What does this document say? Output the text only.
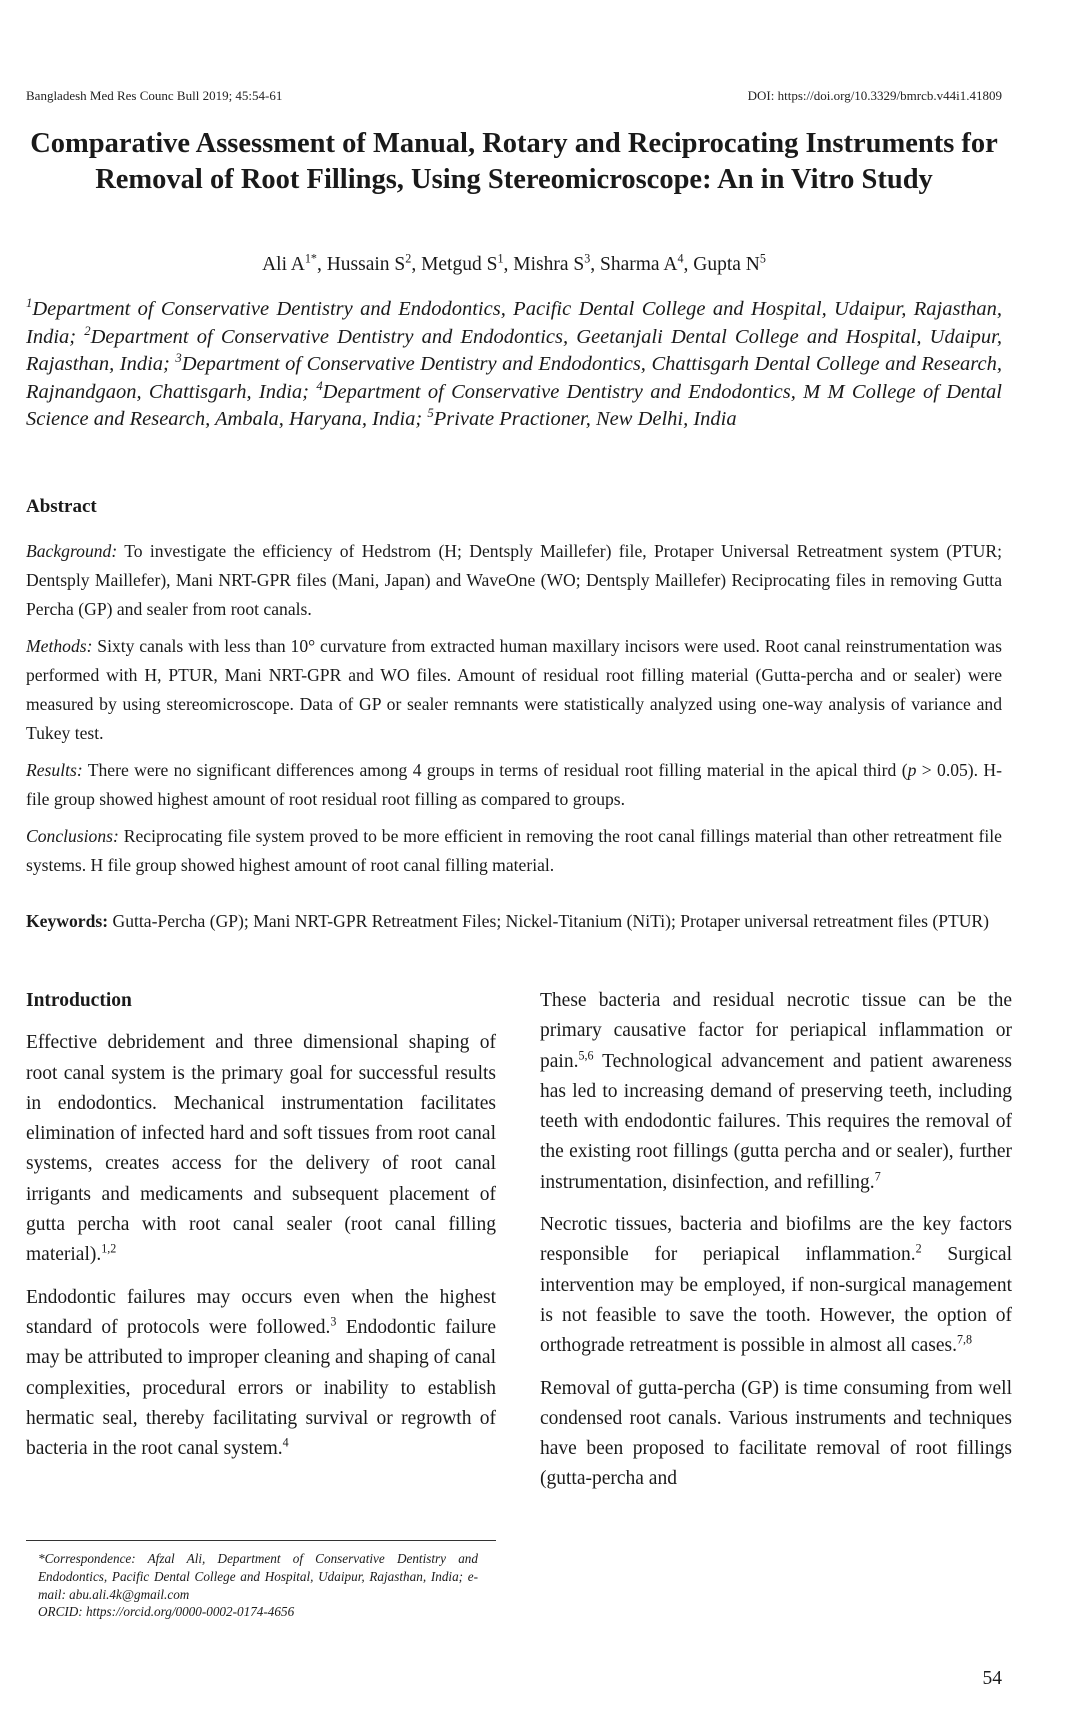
Bangladesh Med Res Counc Bull 2019; 45:54-61	DOI: https://doi.org/10.3329/bmrcb.v44i1.41809
Comparative Assessment of Manual, Rotary and Reciprocating Instruments for Removal of Root Fillings, Using Stereomicroscope: An in Vitro Study
Ali $A^{1*}$, Hussain $S^2$, Metgud $S^1$, Mishra $S^3$, Sharma $A^4$, Gupta $N^5$

$^1$Department of Conservative Dentistry and Endodontics, Pacific Dental College and Hospital, Udaipur, Rajasthan, India; $^2$Department of Conservative Dentistry and Endodontics, Geetanjali Dental College and Hospital, Udaipur, Rajasthan, India; $^3$Department of Conservative Dentistry and Endodontics, Chattisgarh Dental College and Research, Rajnandgaon, Chattisgarh, India; $^4$Department of Conservative Dentistry and Endodontics, M M College of Dental Science and Research, Ambala, Haryana, India; $^5$Private Practioner, New Delhi, India

Abstract

Background: To investigate the efficiency of Hedstrom (H; Dentsply Maillefer) file, Protaper Universal Retreatment system (PTUR; Dentsply Maillefer), Mani NRT-GPR files (Mani, Japan) and WaveOne (WO; Dentsply Maillefer) Reciprocating files in removing Gutta Percha (GP) and sealer from root canals.

Methods: Sixty canals with less than 10° curvature from extracted human maxillary incisors were used. Root canal reinstrumentation was performed with H, PTUR, Mani NRT-GPR and WO files. Amount of residual root filling material (Gutta-percha and or sealer) were measured by using stereomicroscope. Data of GP or sealer remnants were statistically analyzed using one-way analysis of variance and Tukey test.

Results: There were no significant differences among 4 groups in terms of residual root filling material in the apical third (p > 0.05). H-file group showed highest amount of root residual root filling as compared to groups.

Conclusions: Reciprocating file system proved to be more efficient in removing the root canal fillings material than other retreatment file systems. H file group showed highest amount of root canal filling material.

Keywords: Gutta-Percha (GP); Mani NRT-GPR Retreatment Files; Nickel-Titanium (NiTi); Protaper universal retreatment files (PTUR)

Introduction

Effective debridement and three dimensional shaping of root canal system is the primary goal for successful results in endodontics. Mechanical instrumentation facilitates elimination of infected hard and soft tissues from root canal systems, creates access for the delivery of root canal irrigants and medicaments and subsequent placement of gutta percha with root canal sealer (root canal filling material).$^{1,2}$

Endodontic failures may occurs even when the highest standard of protocols were followed.$^3$ Endodontic failure may be attributed to improper cleaning and shaping of canal complexities, procedural errors or inability to establish hermatic seal, thereby facilitating survival or regrowth of bacteria in the root canal system.$^4$

These bacteria and residual necrotic tissue can be the primary causative factor for periapical inflammation or pain.$^{5,6}$ Technological advancement and patient awareness has led to increasing demand of preserving teeth, including teeth with endodontic failures. This requires the removal of the existing root fillings (gutta percha and or sealer), further instrumentation, disinfection, and refilling.$^7$

Necrotic tissues, bacteria and biofilms are the key factors responsible for periapical inflammation.$^2$ Surgical intervention may be employed, if non-surgical management is not feasible to save the tooth. However, the option of orthograde retreatment is possible in almost all cases.$^{7,8}$

Removal of gutta-percha (GP) is time consuming from well condensed root canals. Various instruments and techniques have been proposed to facilitate removal of root fillings (gutta-percha and

*Correspondence: Afzal Ali, Department of Conservative Dentistry and Endodontics, Pacific Dental College and Hospital, Udaipur, Rajasthan, India; e-mail: abu.ali.4k@gmail.com
ORCID: https://orcid.org/0000-0002-0174-4656

54
